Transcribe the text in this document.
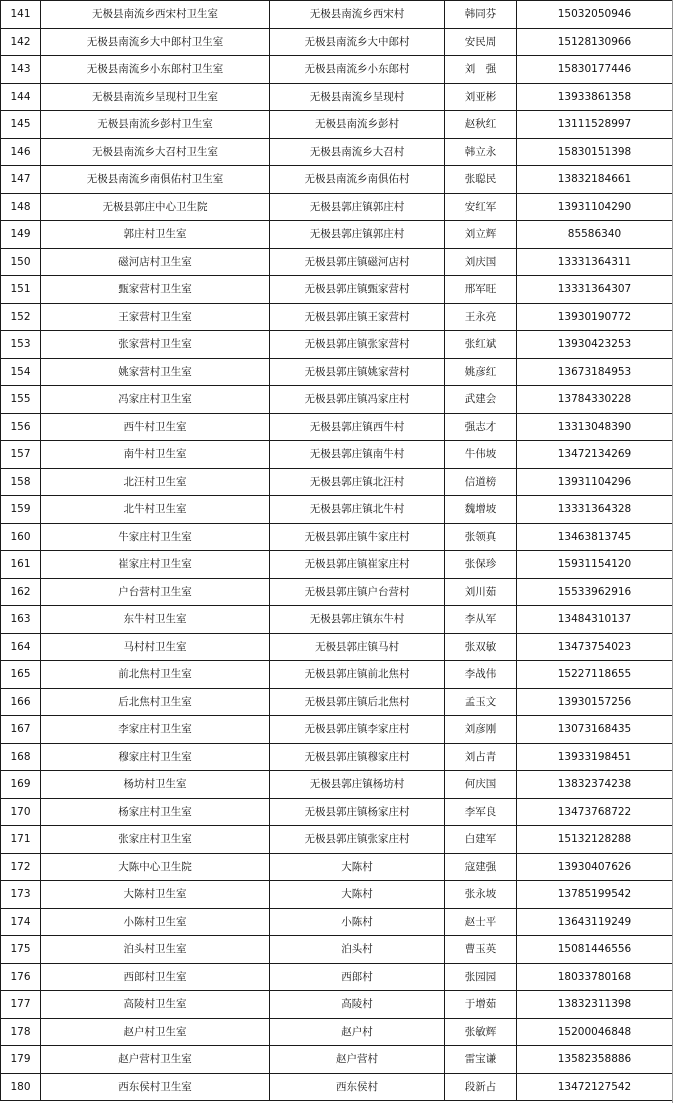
141	无极县南流乡西宋村卫生室	无极县南流乡西宋村	韩同芬	15032050946
142	无极县南流乡大中郎村卫生室	无极县南流乡大中郎村	安民周	15128130966
143	无极县南流乡小东郎村卫生室	无极县南流乡小东郎村	刘　强	15830177446
144	无极县南流乡呈现村卫生室	无极县南流乡呈现村	刘亚彬	13933861358
145	无极县南流乡彭村卫生室	无极县南流乡彭村	赵秋红	13111528997
146	无极县南流乡大召村卫生室	无极县南流乡大召村	韩立永	15830151398
147	无极县南流乡南俱佑村卫生室	无极县南流乡南俱佑村	张聪民	13832184661
148	无极县郭庄中心卫生院	无极县郭庄镇郭庄村	安红军	13931104290
149	郭庄村卫生室	无极县郭庄镇郭庄村	刘立辉	85586340
150	磁河店村卫生室	无极县郭庄镇磁河店村	刘庆国	13331364311
151	甄家营村卫生室	无极县郭庄镇甄家营村	邢军旺	13331364307
152	王家营村卫生室	无极县郭庄镇王家营村	王永亮	13930190772
153	张家营村卫生室	无极县郭庄镇张家营村	张红斌	13930423253
154	姚家营村卫生室	无极县郭庄镇姚家营村	姚彦红	13673184953
155	冯家庄村卫生室	无极县郭庄镇冯家庄村	武建会	13784330228
156	西牛村卫生室	无极县郭庄镇西牛村	强志才	13313048390
157	南牛村卫生室	无极县郭庄镇南牛村	牛伟坡	13472134269
158	北汪村卫生室	无极县郭庄镇北汪村	信道榜	13931104296
159	北牛村卫生室	无极县郭庄镇北牛村	魏增坡	13331364328
160	牛家庄村卫生室	无极县郭庄镇牛家庄村	张领真	13463813745
161	崔家庄村卫生室	无极县郭庄镇崔家庄村	张保珍	15931154120
162	户台营村卫生室	无极县郭庄镇户台营村	刘川茹	15533962916
163	东牛村卫生室	无极县郭庄镇东牛村	李从军	13484310137
164	马村村卫生室	无极县郭庄镇马村	张双敏	13473754023
165	前北焦村卫生室	无极县郭庄镇前北焦村	李战伟	15227118655
166	后北焦村卫生室	无极县郭庄镇后北焦村	孟玉文	13930157256
167	李家庄村卫生室	无极县郭庄镇李家庄村	刘彦刚	13073168435
168	穆家庄村卫生室	无极县郭庄镇穆家庄村	刘占青	13933198451
169	杨坊村卫生室	无极县郭庄镇杨坊村	何庆国	13832374238
170	杨家庄村卫生室	无极县郭庄镇杨家庄村	李军良	13473768722
171	张家庄村卫生室	无极县郭庄镇张家庄村	白建军	15132128288
172	大陈中心卫生院	大陈村	寇建强	13930407626
173	大陈村卫生室	大陈村	张永坡	13785199542
174	小陈村卫生室	小陈村	赵士平	13643119249
175	泊头村卫生室	泊头村	曹玉英	15081446556
176	西郎村卫生室	西郎村	张园园	18033780168
177	高陵村卫生室	高陵村	于增茹	13832311398
178	赵户村卫生室	赵户村	张敏辉	15200046848
179	赵户营村卫生室	赵户营村	雷宝谦	13582358886
180	西东侯村卫生室	西东侯村	段新占	13472127542
